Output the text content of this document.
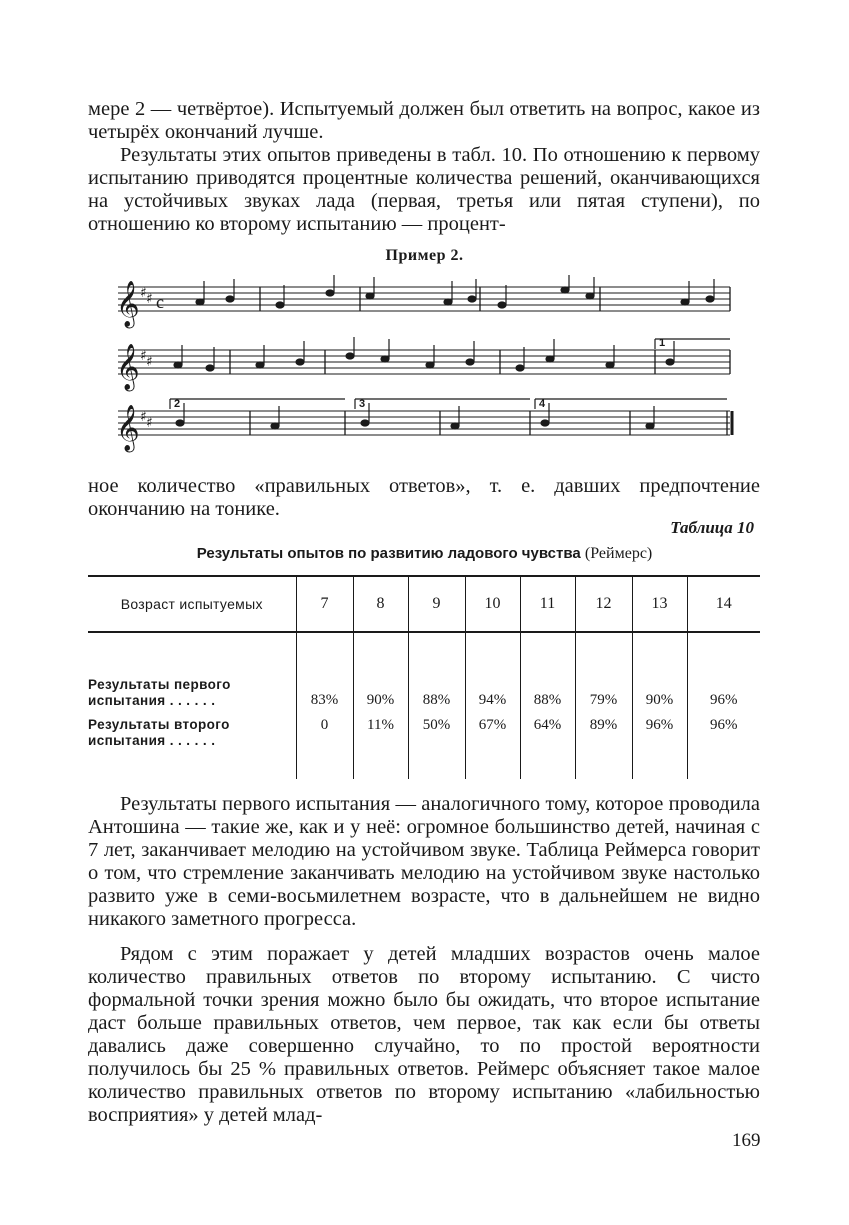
мере 2 — четвёртое). Испытуемый должен был ответить на вопрос, какое из четырёх окончаний лучше.

Результаты этих опытов приведены в табл. 10. По отношению к первому испытанию приводятся процентные количества решений, оканчивающихся на устойчивых звуках лада (первая, третья или пятая ступени), по отношению ко второму испытанию — процент-

Пример 2.
𝄞
𝄞
𝄞
♯ ♯
♯ ♯
♯ ♯
c
1
2	3	4

ное количество «правильных ответов», т. е. давших предпочтение окончанию на тонике.

Таблица 10
Результаты опытов по развитию ладового чувства (Реймерс)
Возраст испытуемых	7	8	9	10	11	12	13	14

Результаты первого испытания . . . . . .	83%	90%	88%	94%	88%	79%	90%	96%
Результаты второго испытания . . . . . .	0	11%	50%	67%	64%	89%	96%	96%

Результаты первого испытания — аналогичного тому, которое проводила Антошина — такие же, как и у неё: огромное большинство детей, начиная с 7 лет, заканчивает мелодию на устойчивом звуке. Таблица Реймерса говорит о том, что стремление заканчивать мелодию на устойчивом звуке настолько развито уже в семи-восьмилетнем возрасте, что в дальнейшем не видно никакого заметного прогресса.

Рядом с этим поражает у детей младших возрастов очень малое количество правильных ответов по второму испытанию. С чисто формальной точки зрения можно было бы ожидать, что второе испытание даст больше правильных ответов, чем первое, так как если бы ответы давались даже совершенно случайно, то по простой вероятности получилось бы 25 % правильных ответов. Реймерс объясняет такое малое количество правильных ответов по второму испытанию «лабильностью восприятия» у детей млад-

169
